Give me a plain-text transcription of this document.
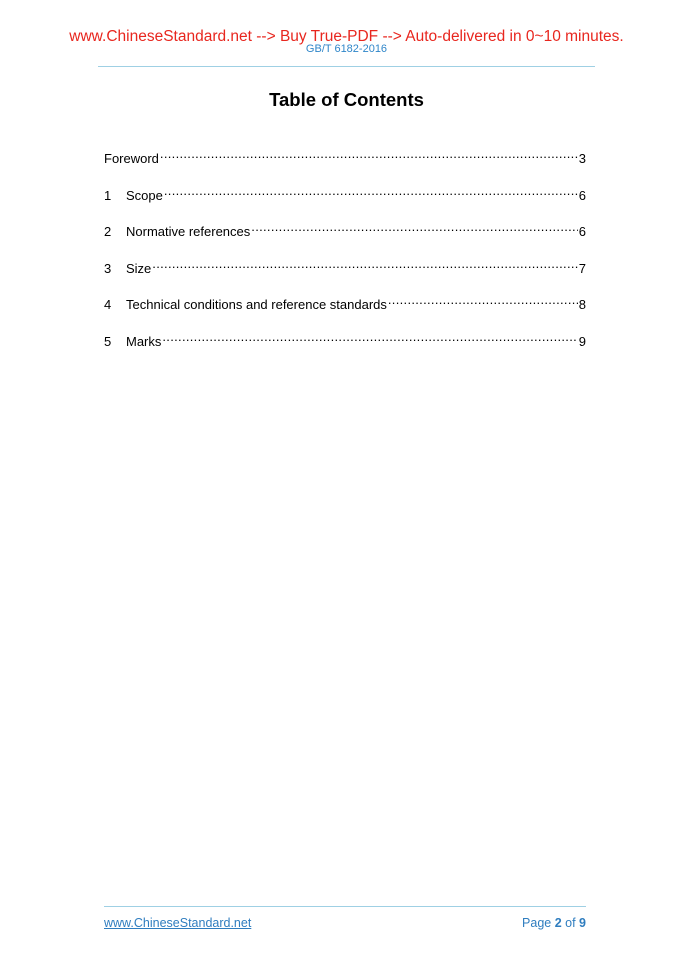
www.ChineseStandard.net --> Buy True-PDF --> Auto-delivered in 0~10 minutes.
GB/T 6182-2016
Table of Contents
Foreword .....	3
1	Scope .....	6
2	Normative references .....	6
3	Size .....	7
4	Technical conditions and reference standards .....	8
5	Marks .....	9
www.ChineseStandard.net	Page 2 of 9
